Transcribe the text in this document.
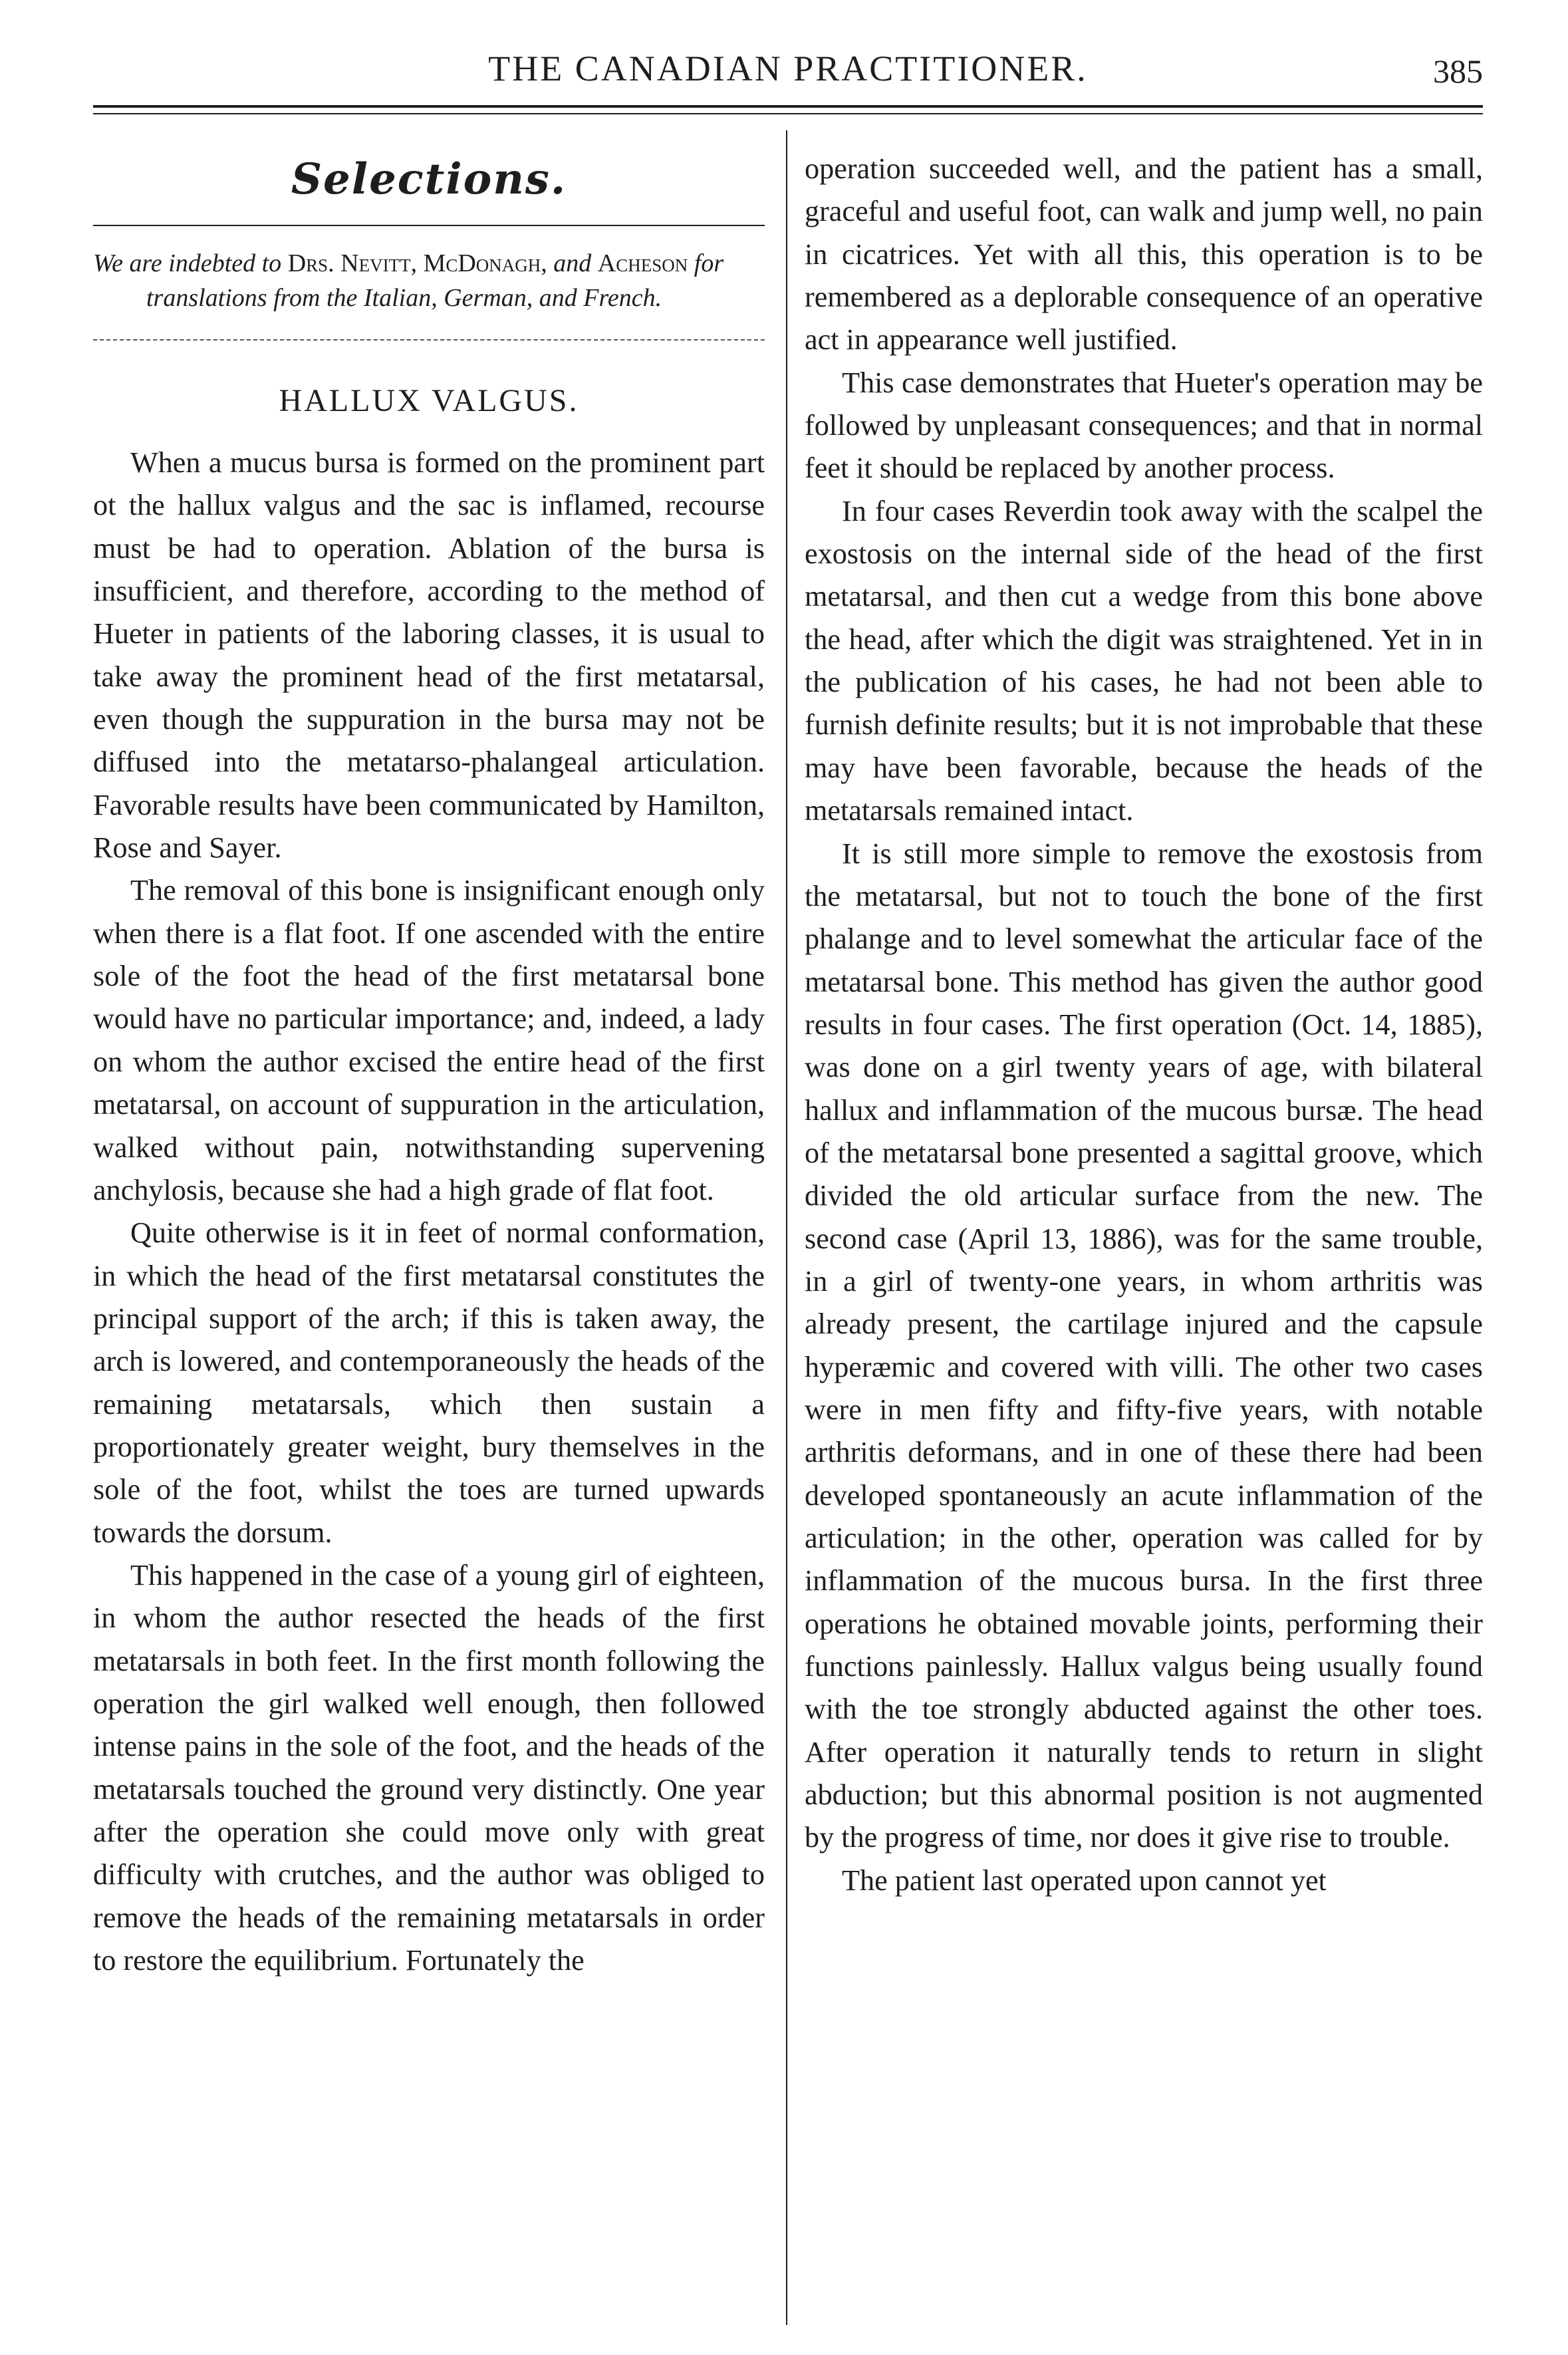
THE CANADIAN PRACTITIONER.	385
Selections.

We are indebted to Drs. Nevitt, McDonagh, and Acheson for translations from the Italian, German, and French.

HALLUX VALGUS.

When a mucus bursa is formed on the prominent part ot the hallux valgus and the sac is inflamed, recourse must be had to operation. Ablation of the bursa is insufficient, and therefore, according to the method of Hueter in patients of the laboring classes, it is usual to take away the prominent head of the first metatarsal, even though the suppuration in the bursa may not be diffused into the metatarso-phalangeal articulation. Favorable results have been communicated by Hamilton, Rose and Sayer.

The removal of this bone is insignificant enough only when there is a flat foot. If one ascended with the entire sole of the foot the head of the first metatarsal bone would have no particular importance; and, indeed, a lady on whom the author excised the entire head of the first metatarsal, on account of suppuration in the articulation, walked without pain, notwithstanding supervening anchylosis, because she had a high grade of flat foot.

Quite otherwise is it in feet of normal conformation, in which the head of the first metatarsal constitutes the principal support of the arch; if this is taken away, the arch is lowered, and contemporaneously the heads of the remaining metatarsals, which then sustain a proportionately greater weight, bury themselves in the sole of the foot, whilst the toes are turned upwards towards the dorsum.

This happened in the case of a young girl of eighteen, in whom the author resected the heads of the first metatarsals in both feet. In the first month following the operation the girl walked well enough, then followed intense pains in the sole of the foot, and the heads of the metatarsals touched the ground very distinctly. One year after the operation she could move only with great difficulty with crutches, and the author was obliged to remove the heads of the remaining metatarsals in order to restore the equilibrium. Fortunately the

operation succeeded well, and the patient has a small, graceful and useful foot, can walk and jump well, no pain in cicatrices. Yet with all this, this operation is to be remembered as a deplorable consequence of an operative act in appearance well justified.

This case demonstrates that Hueter's operation may be followed by unpleasant consequences; and that in normal feet it should be replaced by another process.

In four cases Reverdin took away with the scalpel the exostosis on the internal side of the head of the first metatarsal, and then cut a wedge from this bone above the head, after which the digit was straightened. Yet in in the publication of his cases, he had not been able to furnish definite results; but it is not improbable that these may have been favorable, because the heads of the metatarsals remained intact.

It is still more simple to remove the exostosis from the metatarsal, but not to touch the bone of the first phalange and to level somewhat the articular face of the metatarsal bone. This method has given the author good results in four cases. The first operation (Oct. 14, 1885), was done on a girl twenty years of age, with bilateral hallux and inflammation of the mucous bursæ. The head of the metatarsal bone presented a sagittal groove, which divided the old articular surface from the new. The second case (April 13, 1886), was for the same trouble, in a girl of twenty-one years, in whom arthritis was already present, the cartilage injured and the capsule hyperæmic and covered with villi. The other two cases were in men fifty and fifty-five years, with notable arthritis deformans, and in one of these there had been developed spontaneously an acute inflammation of the articulation; in the other, operation was called for by inflammation of the mucous bursa. In the first three operations he obtained movable joints, performing their functions painlessly. Hallux valgus being usually found with the toe strongly abducted against the other toes. After operation it naturally tends to return in slight abduction; but this abnormal position is not augmented by the progress of time, nor does it give rise to trouble.

The patient last operated upon cannot yet
